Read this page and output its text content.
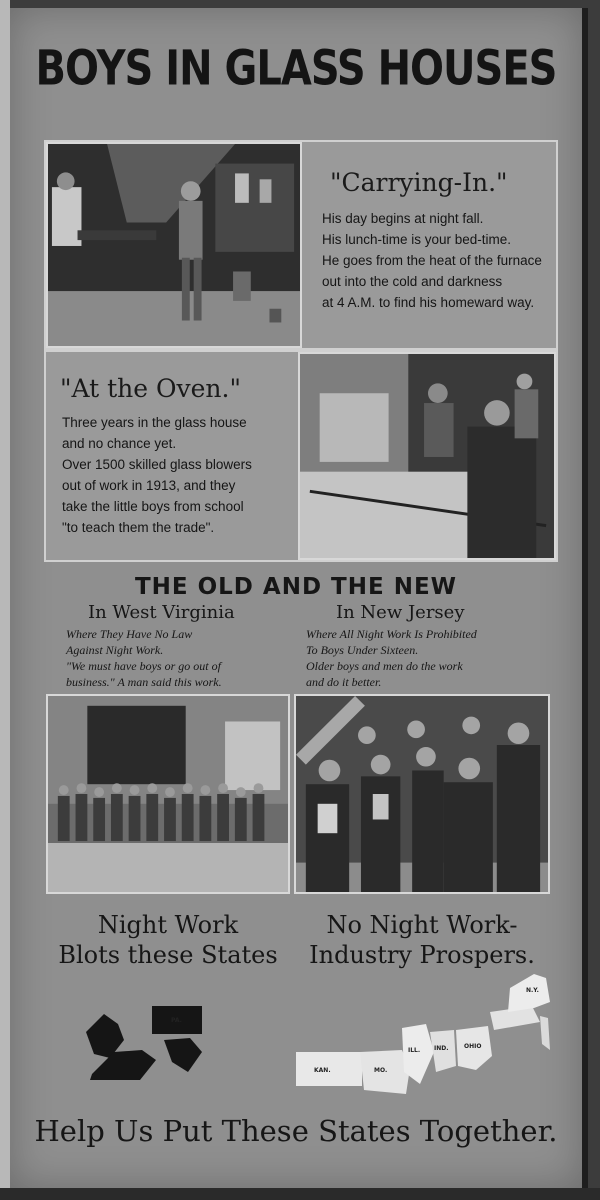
BOYS IN GLASS HOUSES
"Carrying-In."
His day begins at night fall.
His lunch-time is your bed-time.
He goes from the heat of the furnace
out into the cold and darkness
at 4 A.M. to find his homeward way.
"At the Oven."
Three years in the glass house
and no chance yet.
Over 1500 skilled glass blowers
out of work in 1913, and they
take the little boys from school
"to teach them the trade".
THE OLD AND THE NEW
In West Virginia
Where They Have No Law
Against Night Work.
"We must have boys or go out of
business." A man said this work.
In New Jersey
Where All Night Work Is Prohibited
To Boys Under Sixteen.
Older boys and men do the work
and do it better.
Night Work
Blots these States
No Night Work-
Industry Prospers.
PA.
KAN.	MO.
ILL. IND.	OHIO
N.Y.
Help Us Put These States Together.
